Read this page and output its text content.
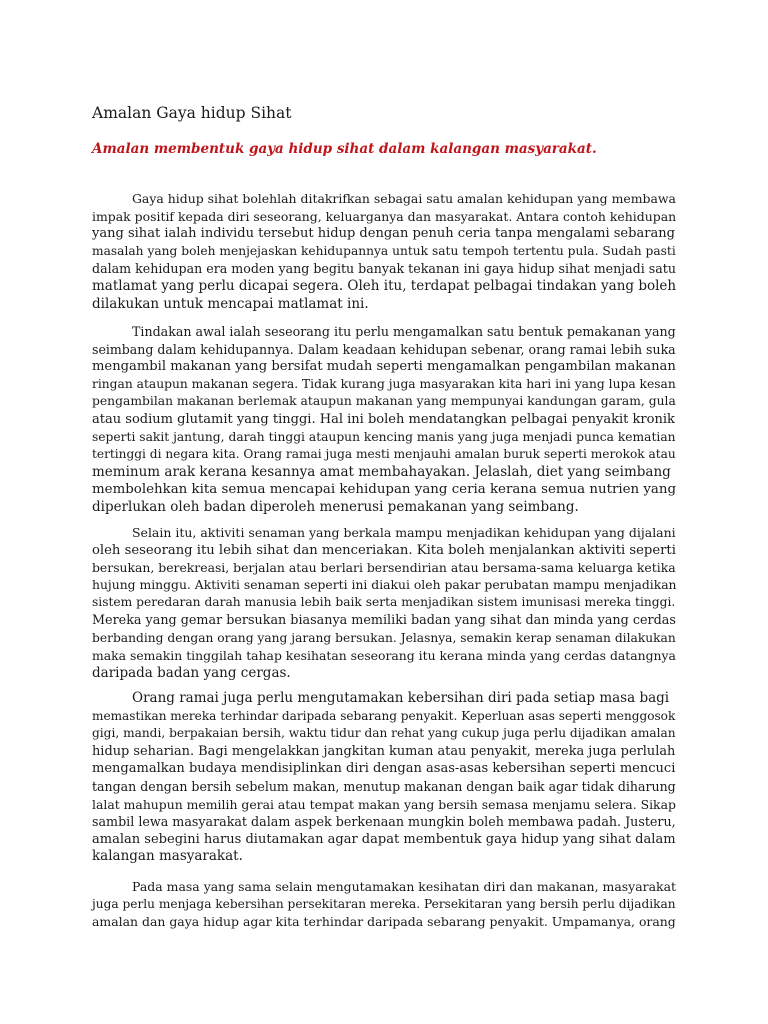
Amalan Gaya hidup Sihat
Amalan membentuk gaya hidup sihat dalam kalangan masyarakat.

Gaya hidup sihat bolehlah ditakrifkan sebagai satu amalan kehidupan yang membawa
impak positif kepada diri seseorang, keluarganya dan masyarakat. Antara contoh kehidupan
yang sihat ialah individu tersebut hidup dengan penuh ceria tanpa mengalami sebarang
masalah yang boleh menjejaskan kehidupannya untuk satu tempoh tertentu pula. Sudah pasti
dalam kehidupan era moden yang begitu banyak tekanan ini gaya hidup sihat menjadi satu
matlamat yang perlu dicapai segera. Oleh itu, terdapat pelbagai tindakan yang boleh
dilakukan untuk mencapai matlamat ini.

Tindakan awal ialah seseorang itu perlu mengamalkan satu bentuk pemakanan yang
seimbang dalam kehidupannya. Dalam keadaan kehidupan sebenar, orang ramai lebih suka
mengambil makanan yang bersifat mudah seperti mengamalkan pengambilan makanan
ringan ataupun makanan segera. Tidak kurang juga masyarakan kita hari ini yang lupa kesan
pengambilan makanan berlemak ataupun makanan yang mempunyai kandungan garam, gula
atau sodium glutamit yang tinggi. Hal ini boleh mendatangkan pelbagai penyakit kronik
seperti sakit jantung, darah tinggi ataupun kencing manis yang juga menjadi punca kematian
tertinggi di negara kita. Orang ramai juga mesti menjauhi amalan buruk seperti merokok atau
meminum arak kerana kesannya amat membahayakan. Jelaslah, diet yang seimbang
membolehkan kita semua mencapai kehidupan yang ceria kerana semua nutrien yang
diperlukan oleh badan diperoleh menerusi pemakanan yang seimbang.

Selain itu, aktiviti senaman yang berkala mampu menjadikan kehidupan yang dijalani
oleh seseorang itu lebih sihat dan menceriakan. Kita boleh menjalankan aktiviti seperti
bersukan, berekreasi, berjalan atau berlari bersendirian atau bersama-sama keluarga ketika
hujung minggu. Aktiviti senaman seperti ini diakui oleh pakar perubatan mampu menjadikan
sistem peredaran darah manusia lebih baik serta menjadikan sistem imunisasi mereka tinggi.
Mereka yang gemar bersukan biasanya memiliki badan yang sihat dan minda yang cerdas
berbanding dengan orang yang jarang bersukan. Jelasnya, semakin kerap senaman dilakukan
maka semakin tinggilah tahap kesihatan seseorang itu kerana minda yang cerdas datangnya
daripada badan yang cergas.

Orang ramai juga perlu mengutamakan kebersihan diri pada setiap masa bagi
memastikan mereka terhindar daripada sebarang penyakit. Keperluan asas seperti menggosok
gigi, mandi, berpakaian bersih, waktu tidur dan rehat yang cukup juga perlu dijadikan amalan
hidup seharian. Bagi mengelakkan jangkitan kuman atau penyakit, mereka juga perlulah
mengamalkan budaya mendisiplinkan diri dengan asas-asas kebersihan seperti mencuci
tangan dengan bersih sebelum makan, menutup makanan dengan baik agar tidak diharung
lalat mahupun memilih gerai atau tempat makan yang bersih semasa menjamu selera. Sikap
sambil lewa masyarakat dalam aspek berkenaan mungkin boleh membawa padah. Justeru,
amalan sebegini harus diutamakan agar dapat membentuk gaya hidup yang sihat dalam
kalangan masyarakat.

Pada masa yang sama selain mengutamakan kesihatan diri dan makanan, masyarakat
juga perlu menjaga kebersihan persekitaran mereka. Persekitaran yang bersih perlu dijadikan
amalan dan gaya hidup agar kita terhindar daripada sebarang penyakit. Umpamanya, orang
